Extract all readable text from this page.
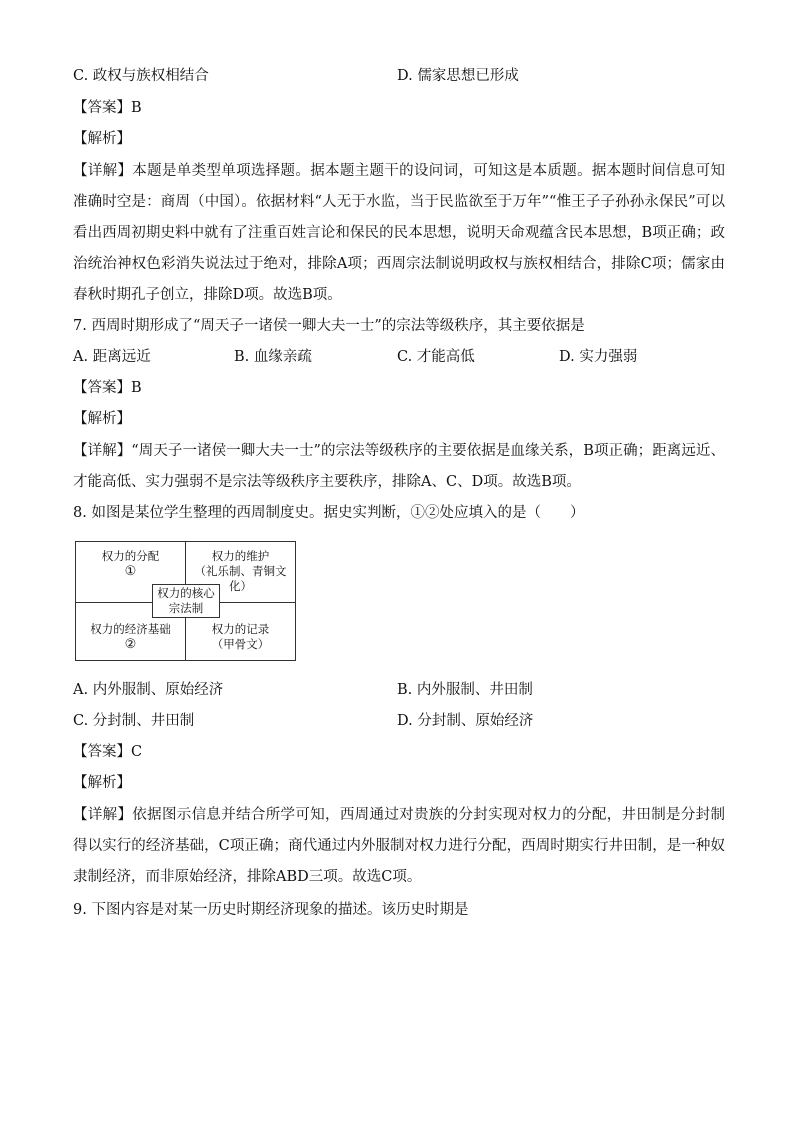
C. 政权与族权相结合	D. 儒家思想已形成
【答案】B
【解析】
【详解】本题是单类型单项选择题。据本题主题干的设问词，可知这是本质题。据本题时间信息可知准确时空是：商周（中国）。依据材料“人无于水监，当于民监欲至于万年”“惟王子子孙孙永保民”可以看出西周初期史料中就有了注重百姓言论和保民的民本思想，说明天命观蕴含民本思想，B项正确；政治统治神权色彩消失说法过于绝对，排除A项；西周宗法制说明政权与族权相结合，排除C项；儒家由春秋时期孔子创立，排除D项。故选B项。
7. 西周时期形成了“周天子一诸侯一卿大夫一士”的宗法等级秩序，其主要依据是
A. 距离远近	B. 血缘亲疏	C. 才能高低	D. 实力强弱
【答案】B
【解析】
【详解】“周天子一诸侯一卿大夫一士”的宗法等级秩序的主要依据是血缘关系，B项正确；距离远近、才能高低、实力强弱不是宗法等级秩序主要秩序，排除A、C、D项。故选B项。
8. 如图是某位学生整理的西周制度史。据史实判断，①②处应填入的是（　　）
权力的分配
①
权力的维护
（礼乐制、青铜文化）
权力的经济基础
②
权力的记录
（甲骨文）
权力的核心
宗法制
A. 内外服制、原始经济	B. 内外服制、井田制
C. 分封制、井田制	D. 分封制、原始经济
【答案】C
【解析】
【详解】依据图示信息并结合所学可知，西周通过对贵族的分封实现对权力的分配，井田制是分封制得以实行的经济基础，C项正确；商代通过内外服制对权力进行分配，西周时期实行井田制，是一种奴隶制经济，而非原始经济，排除ABD三项。故选C项。
9. 下图内容是对某一历史时期经济现象的描述。该历史时期是
